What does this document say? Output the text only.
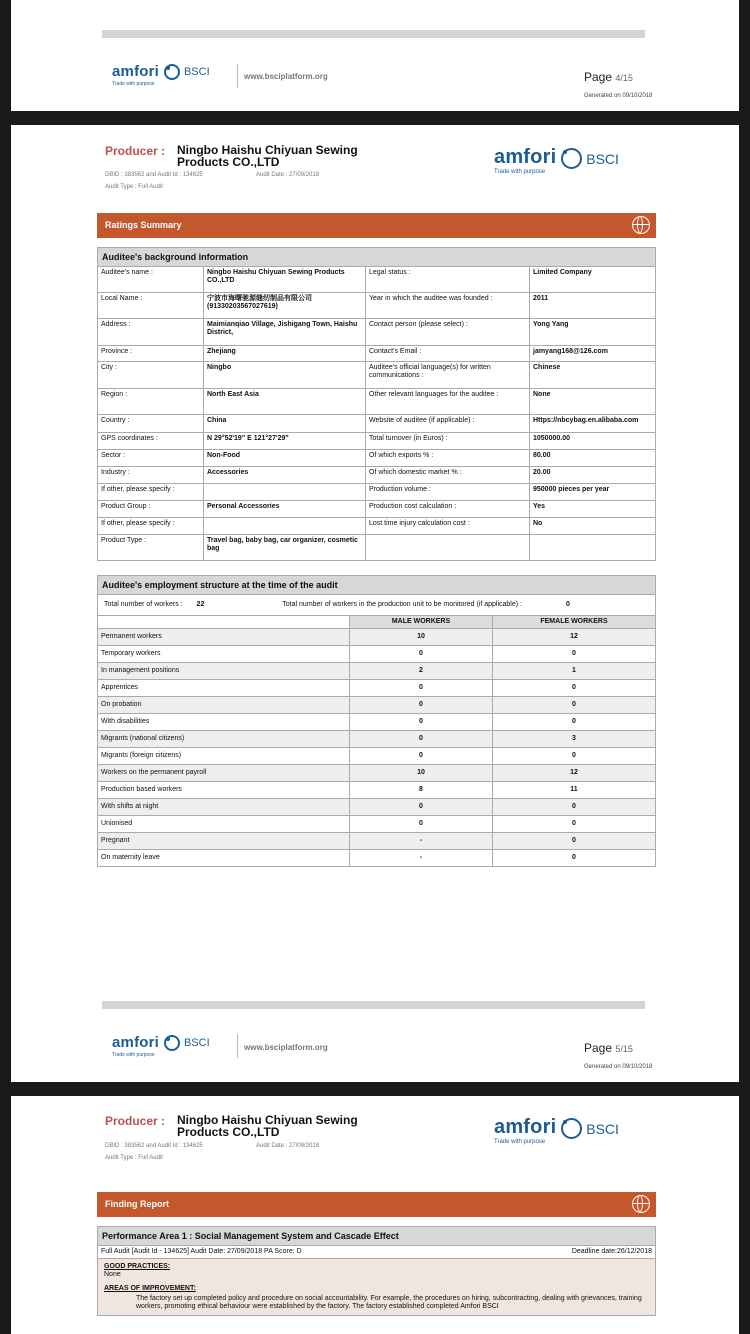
amfori BSCI
Trade with purpose
www.bsciplatform.org	Page 4/15
Generated on 09/10/2018
Producer : Ningbo Haishu Chiyuan Sewing Products CO.,LTD
DBID : 383562 and Audit Id : 134625	Audit Date : 27/09/2018
Audit Type : Full Audit
amfori BSCI
Trade with purpose
Ratings Summary
Auditee's background information			
Auditee's name :	Ningbo Haishu Chiyuan Sewing Products CO.,LTD	Legal status :	Limited Company
Local Name :	宁波市海曙驰源缝纫制品有限公司 (91330203567027619)	Year in which the auditee was founded :	2011
Address :	Maimianqiao Village, Jishigang Town, Haishu District,	Contact person (please select) :	Yong Yang
Province :	Zhejiang	Contact's Email :	jamyang168@126.com
City :	Ningbo	Auditee's official language(s) for written communications :	Chinese
Region :	North East Asia	Other relevant languages for the auditee :	None
Country :	China	Website of auditee (if applicable) :	Https://nbcybag.en.alibaba.com
GPS coordinates :	N 29°52'19" E 121°27'29"	Total turnover (in Euros) :	1050000.00
Sector :	Non-Food	Of which exports % :	80.00
Industry :	Accessories	Of which domestic market % :	20.00
If other, please specify :		Production volume :	950000 pieces per year
Product Group :	Personal Accessories	Production cost calculation :	Yes
If other, please specify :		Lost time injury calculation cost :	No
Product Type :	Travel bag, baby bag, car organizer, cosmetic bag		
Auditee's employment structure at the time of the audit		
Total number of workers : 22 Total number of workers in the production unit to be monitored (if applicable) : 0		
	MALE WORKERS	FEMALE WORKERS
Permanent workers	10	12
Temporary workers	0	0
In management positions	2	1
Apprentices	0	0
On probation	0	0
With disabilities	0	0
Migrants (national citizens)	0	3
Migrants (foreign citizens)	0	0
Workers on the permanent payroll	10	12
Production based workers	8	11
With shifts at night	0	0
Unionised	0	0
Pregnant	-	0
On maternity leave	-	0
amfori BSCI
Trade with purpose
www.bsciplatform.org	Page 5/15
Generated on 09/10/2018
Producer : Ningbo Haishu Chiyuan Sewing Products CO.,LTD
DBID : 383562 and Audit Id : 134625	Audit Date : 27/09/2018
Audit Type : Full Audit
amfori BSCI
Trade with purpose
Finding Report
Performance Area 1 : Social Management System and Cascade Effect
Full Audit [Audit Id - 134625] Audit Date: 27/09/2018 PA Score: D	Deadline date:26/12/2018

GOOD PRACTICES:
None
AREAS OF IMPROVEMENT:
The factory set up completed policy and procedure on social accountability. For example, the procedures on hiring, subcontracting, dealing with grievances, training workers, promoting ethical behaviour were established by the factory. The factory established completed Amfori BSCI
